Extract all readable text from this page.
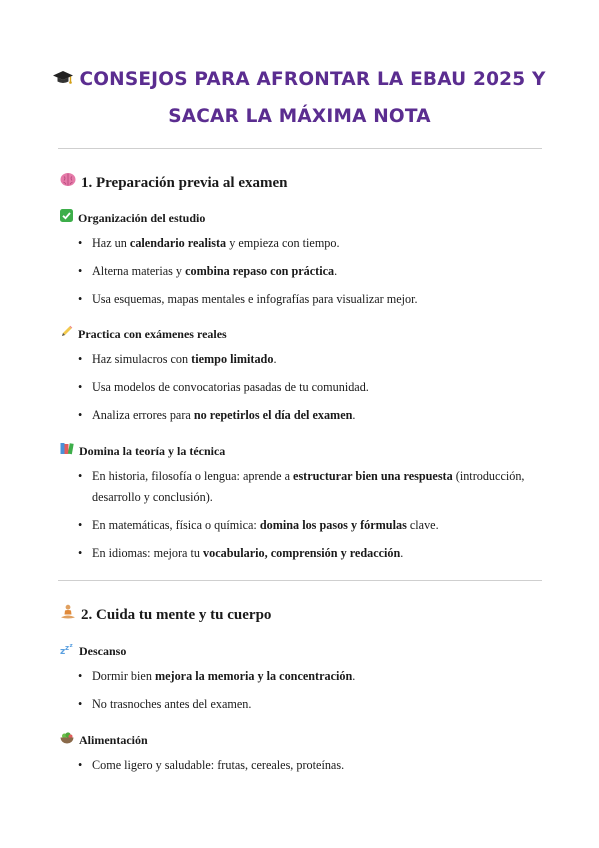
CONSEJOS PARA AFRONTAR LA EBAU 2025 Y
SACAR LA MÁXIMA NOTA
1. Preparación previa al examen
Organización del estudio
• Haz un calendario realista y empieza con tiempo.
• Alterna materias y combina repaso con práctica.
• Usa esquemas, mapas mentales e infografías para visualizar mejor.
Practica con exámenes reales
• Haz simulacros con tiempo limitado.
• Usa modelos de convocatorias pasadas de tu comunidad.
• Analiza errores para no repetirlos el día del examen.
Domina la teoría y la técnica
• En historia, filosofía o lengua: aprende a estructurar bien una respuesta (introducción, desarrollo y conclusión).
• En matemáticas, física o química: domina los pasos y fórmulas clave.
• En idiomas: mejora tu vocabulario, comprensión y redacción.
2. Cuida tu mente y tu cuerpo
z z z Descanso
• Dormir bien mejora la memoria y la concentración.
• No trasnoches antes del examen.
Alimentación
• Come ligero y saludable: frutas, cereales, proteínas.
